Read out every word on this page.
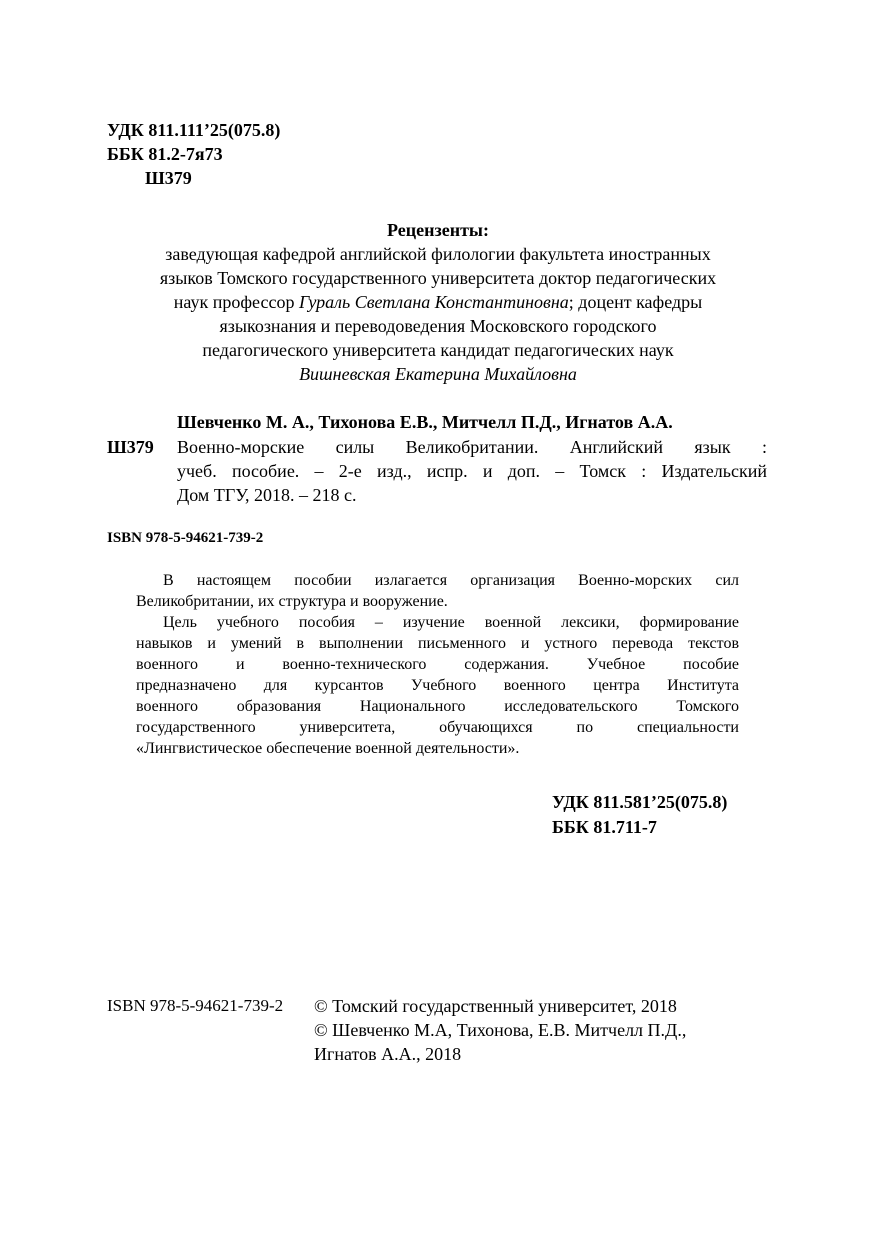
УДК 811.111’25(075.8)
ББК 81.2-7я73
Ш379
Рецензенты:
заведующая кафедрой английской филологии факультета иностранных
языков Томского государственного университета доктор педагогических
наук профессор Гураль Светлана Константиновна; доцент кафедры
языкознания и переводоведения Московского городского
педагогического университета кандидат педагогических наук
Вишневская Екатерина Михайловна
Шевченко М. А., Тихонова Е.В., Митчелл П.Д., Игнатов А.А.
Ш379 Военно-морские силы Великобритании. Английский язык :
учеб. пособие. – 2-е изд., испр. и доп. – Томск : Издательский
Дом ТГУ, 2018. – 218 с.
ISBN 978-5-94621-739-2
В настоящем пособии излагается организация Военно-морских сил
Великобритании, их структура и вооружение.
Цель учебного пособия – изучение военной лексики, формирование
навыков и умений в выполнении письменного и устного перевода текстов
военного и военно-технического содержания. Учебное пособие
предназначено для курсантов Учебного военного центра Института
военного образования Национального исследовательского Томского
государственного университета, обучающихся по специальности
«Лингвистическое обеспечение военной деятельности».
УДК 811.581’25(075.8)
ББК 81.711-7
ISBN 978-5-94621-739-2 © Томский государственный университет, 2018
© Шевченко М.А, Тихонова, Е.В. Митчелл П.Д.,
Игнатов А.А., 2018
